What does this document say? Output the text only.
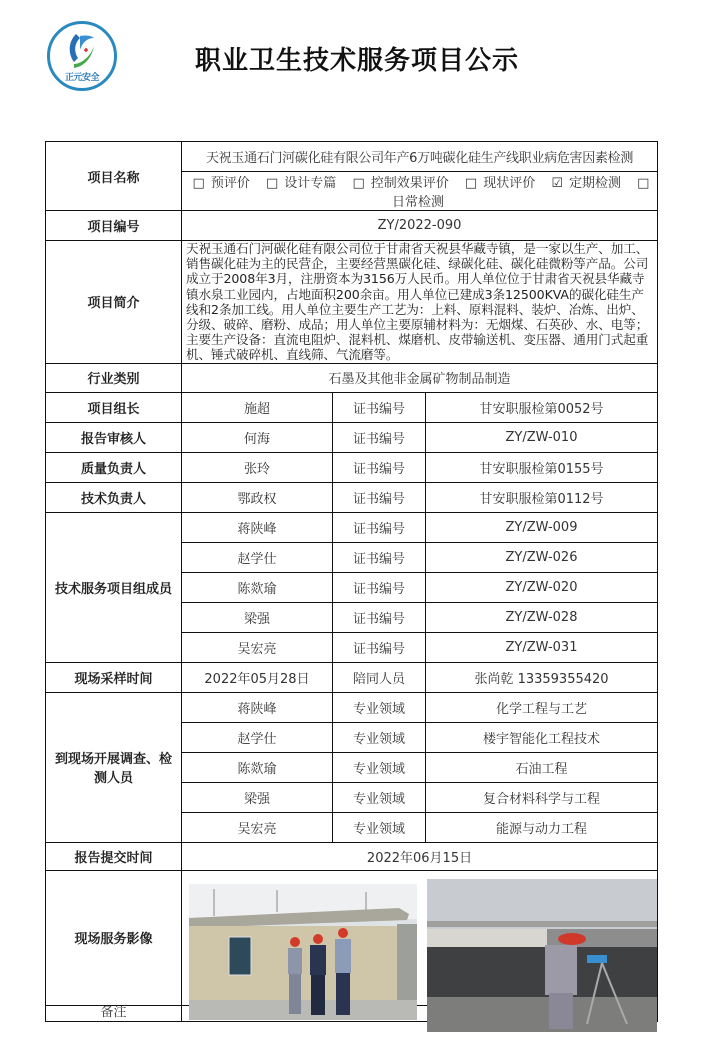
正元安全
职业卫生技术服务项目公示
项目名称	天祝玉通石门河碳化硅有限公司年产6万吨碳化硅生产线职业病危害因素检测		
	□ 预评价 □ 设计专篇 □ 控制效果评价 □ 现状评价 ☑ 定期检测 □日常检测		
项目编号	ZY/2022-090		
项目简介	天祝玉通石门河碳化硅有限公司位于甘肃省天祝县华藏寺镇，是一家以生产、加工、销售碳化硅为主的民营企，主要经营黑碳化硅、绿碳化硅、碳化硅微粉等产品。公司成立于2008年3月，注册资本为3156万人民币。用人单位位于甘肃省天祝县华藏寺镇水泉工业园内，占地面积200余亩。用人单位已建成3条12500KVA的碳化硅生产线和2条加工线。用人单位主要生产工艺为：上料、原料混料、装炉、冶炼、出炉、分级、破碎、磨粉、成品；用人单位主要原辅材料为：无烟煤、石英砂、水、电等；主要生产设备：直流电阻炉、混料机、煤磨机、皮带输送机、变压器、通用门式起重机、锤式破碎机、直线筛、气流磨等。		
行业类别	石墨及其他非金属矿物制品制造		
项目组长	施超	证书编号	甘安职服检第0052号
报告审核人	何海	证书编号	ZY/ZW-010
质量负责人	张玲	证书编号	甘安职服检第0155号
技术负责人	鄂政权	证书编号	甘安职服检第0112号
技术服务项目组成员	蒋陕峰	证书编号	ZY/ZW-009
	赵学仕	证书编号	ZY/ZW-026
	陈欻瑜	证书编号	ZY/ZW-020
	梁强	证书编号	ZY/ZW-028
	吴宏亮	证书编号	ZY/ZW-031
现场采样时间	2022年05月28日	陪同人员	张尚乾 13359355420
到现场开展调查、检测人员	蒋陕峰	专业领域	化学工程与工艺
	赵学仕	专业领域	楼宇智能化工程技术
	陈欻瑜	专业领域	石油工程
	梁强	专业领域	复合材料科学与工程
	吴宏亮	专业领域	能源与动力工程
报告提交时间	2022年06月15日		
现场服务影像			
备注			
